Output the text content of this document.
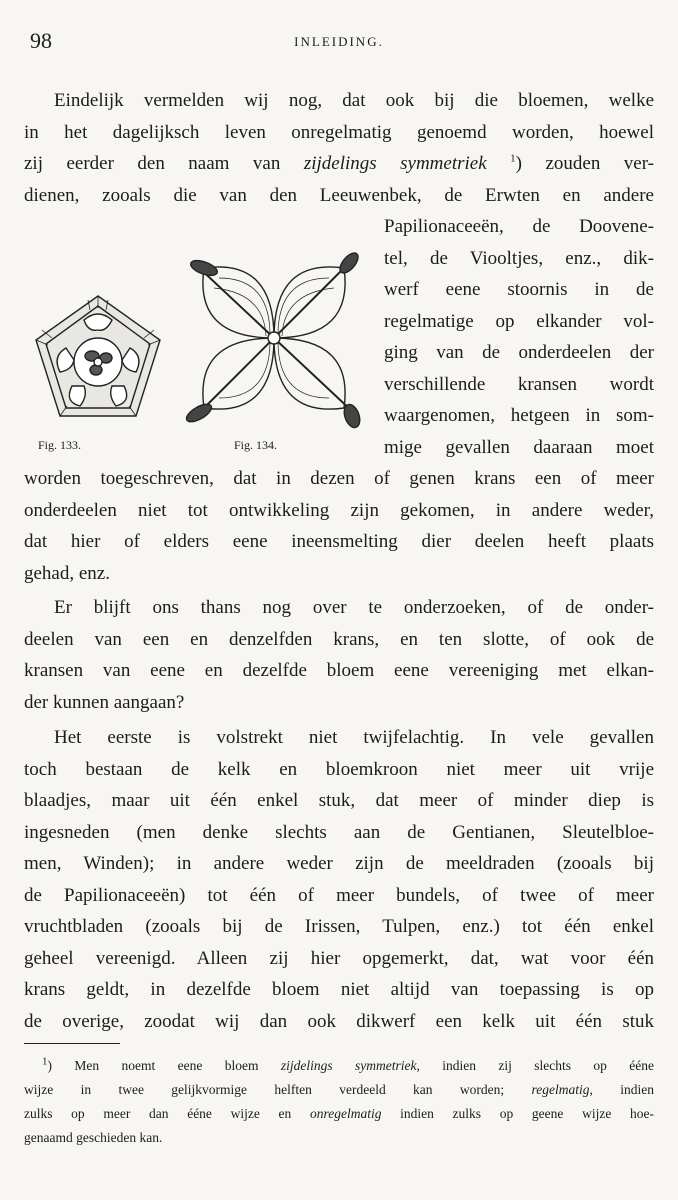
98	INLEIDING.
Eindelijk vermelden wij nog, dat ook bij die bloemen, welke
in het dagelijksch leven onregelmatig genoemd worden, hoewel
zij eerder den naam van zijdelings symmetriek $^1$) zouden ver-
dienen, zooals die van den Leeuwenbek, de Erwten en andere
Papilionaceeën, de Doovene-
tel, de Viooltjes, enz., dik-
werf eene stoornis in de
regelmatige op elkander vol-
ging van de onderdeelen der
verschillende kransen wordt
waargenomen, hetgeen in som-
mige gevallen daaraan moet
Fig. 133.	Fig. 134.
worden toegeschreven, dat in dezen of genen krans een of meer
onderdeelen niet tot ontwikkeling zijn gekomen, in andere weder,
dat hier of elders eene ineensmelting dier deelen heeft plaats
gehad, enz.
Er blijft ons thans nog over te onderzoeken, of de onder-
deelen van een en denzelfden krans, en ten slotte, of ook de
kransen van eene en dezelfde bloem eene vereeniging met elkan-
der kunnen aangaan?
Het eerste is volstrekt niet twijfelachtig. In vele gevallen
toch bestaan de kelk en bloemkroon niet meer uit vrije
blaadjes, maar uit één enkel stuk, dat meer of minder diep is
ingesneden (men denke slechts aan de Gentianen, Sleutelbloe-
men, Winden); in andere weder zijn de meeldraden (zooals bij
de Papilionaceeën) tot één of meer bundels, of twee of meer
vruchtbladen (zooals bij de Irissen, Tulpen, enz.) tot één enkel
geheel vereenigd. Alleen zij hier opgemerkt, dat, wat voor één
krans geldt, in dezelfde bloem niet altijd van toepassing is op
de overige, zoodat wij dan ook dikwerf een kelk uit één stuk
$^1$) Men noemt eene bloem zijdelings symmetriek, indien zij slechts op ééne
wijze in twee gelijkvormige helften verdeeld kan worden; regelmatig, indien
zulks op meer dan ééne wijze en onregelmatig indien zulks op geene wijze hoe-
genaamd geschieden kan.
